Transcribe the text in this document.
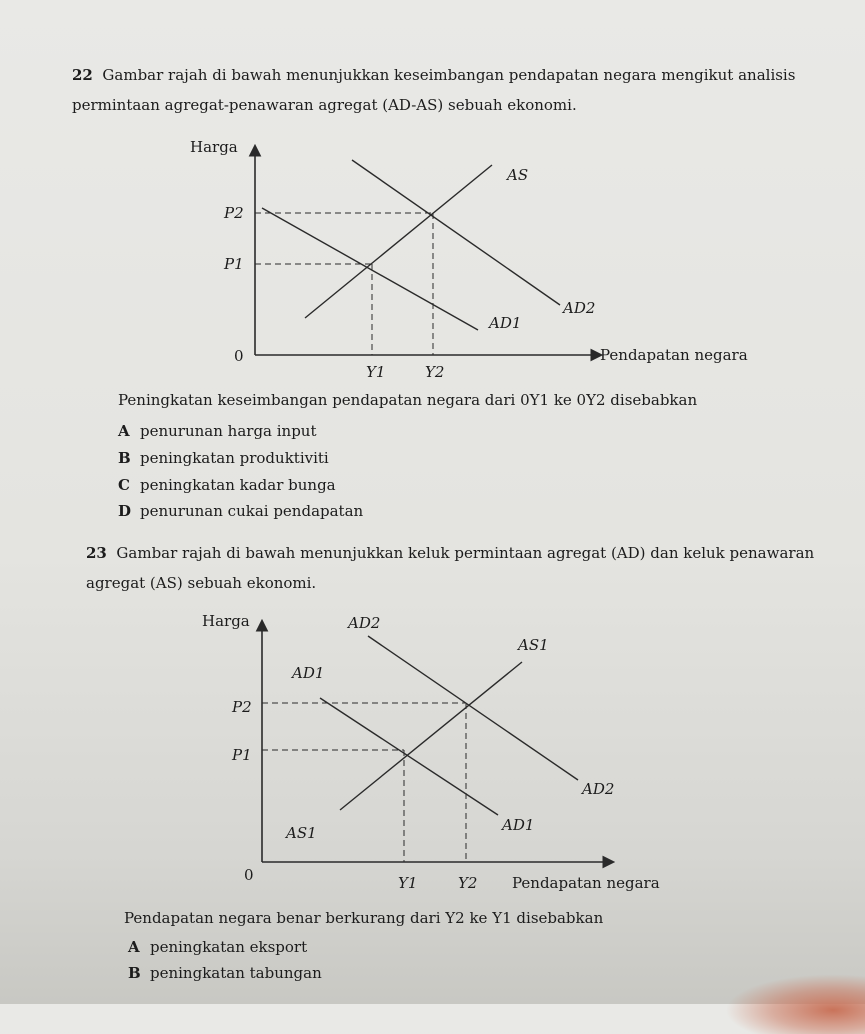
22 Gambar rajah di bawah menunjukkan keseimbangan pendapatan negara mengikut analisis
permintaan agregat-penawaran agregat (AD-AS) sebuah ekonomi.
Harga
Pendapatan negara
0
P2
P1
Y1	Y2
AS
AD1
AD2
Harga
Pendapatan negara
0
P2
P1
Y1	Y2
AD2
AD1
AS1
AS1	AD1
AD2
Peningkatan keseimbangan pendapatan negara dari 0Y1 ke 0Y2 disebabkan
A penurunan harga input
B peningkatan produktiviti
C peningkatan kadar bunga
D penurunan cukai pendapatan
23 Gambar rajah di bawah menunjukkan keluk permintaan agregat (AD) dan keluk penawaran
agregat (AS) sebuah ekonomi.
Pendapatan negara benar berkurang dari Y2 ke Y1 disebabkan
A peningkatan eksport
B peningkatan tabungan
